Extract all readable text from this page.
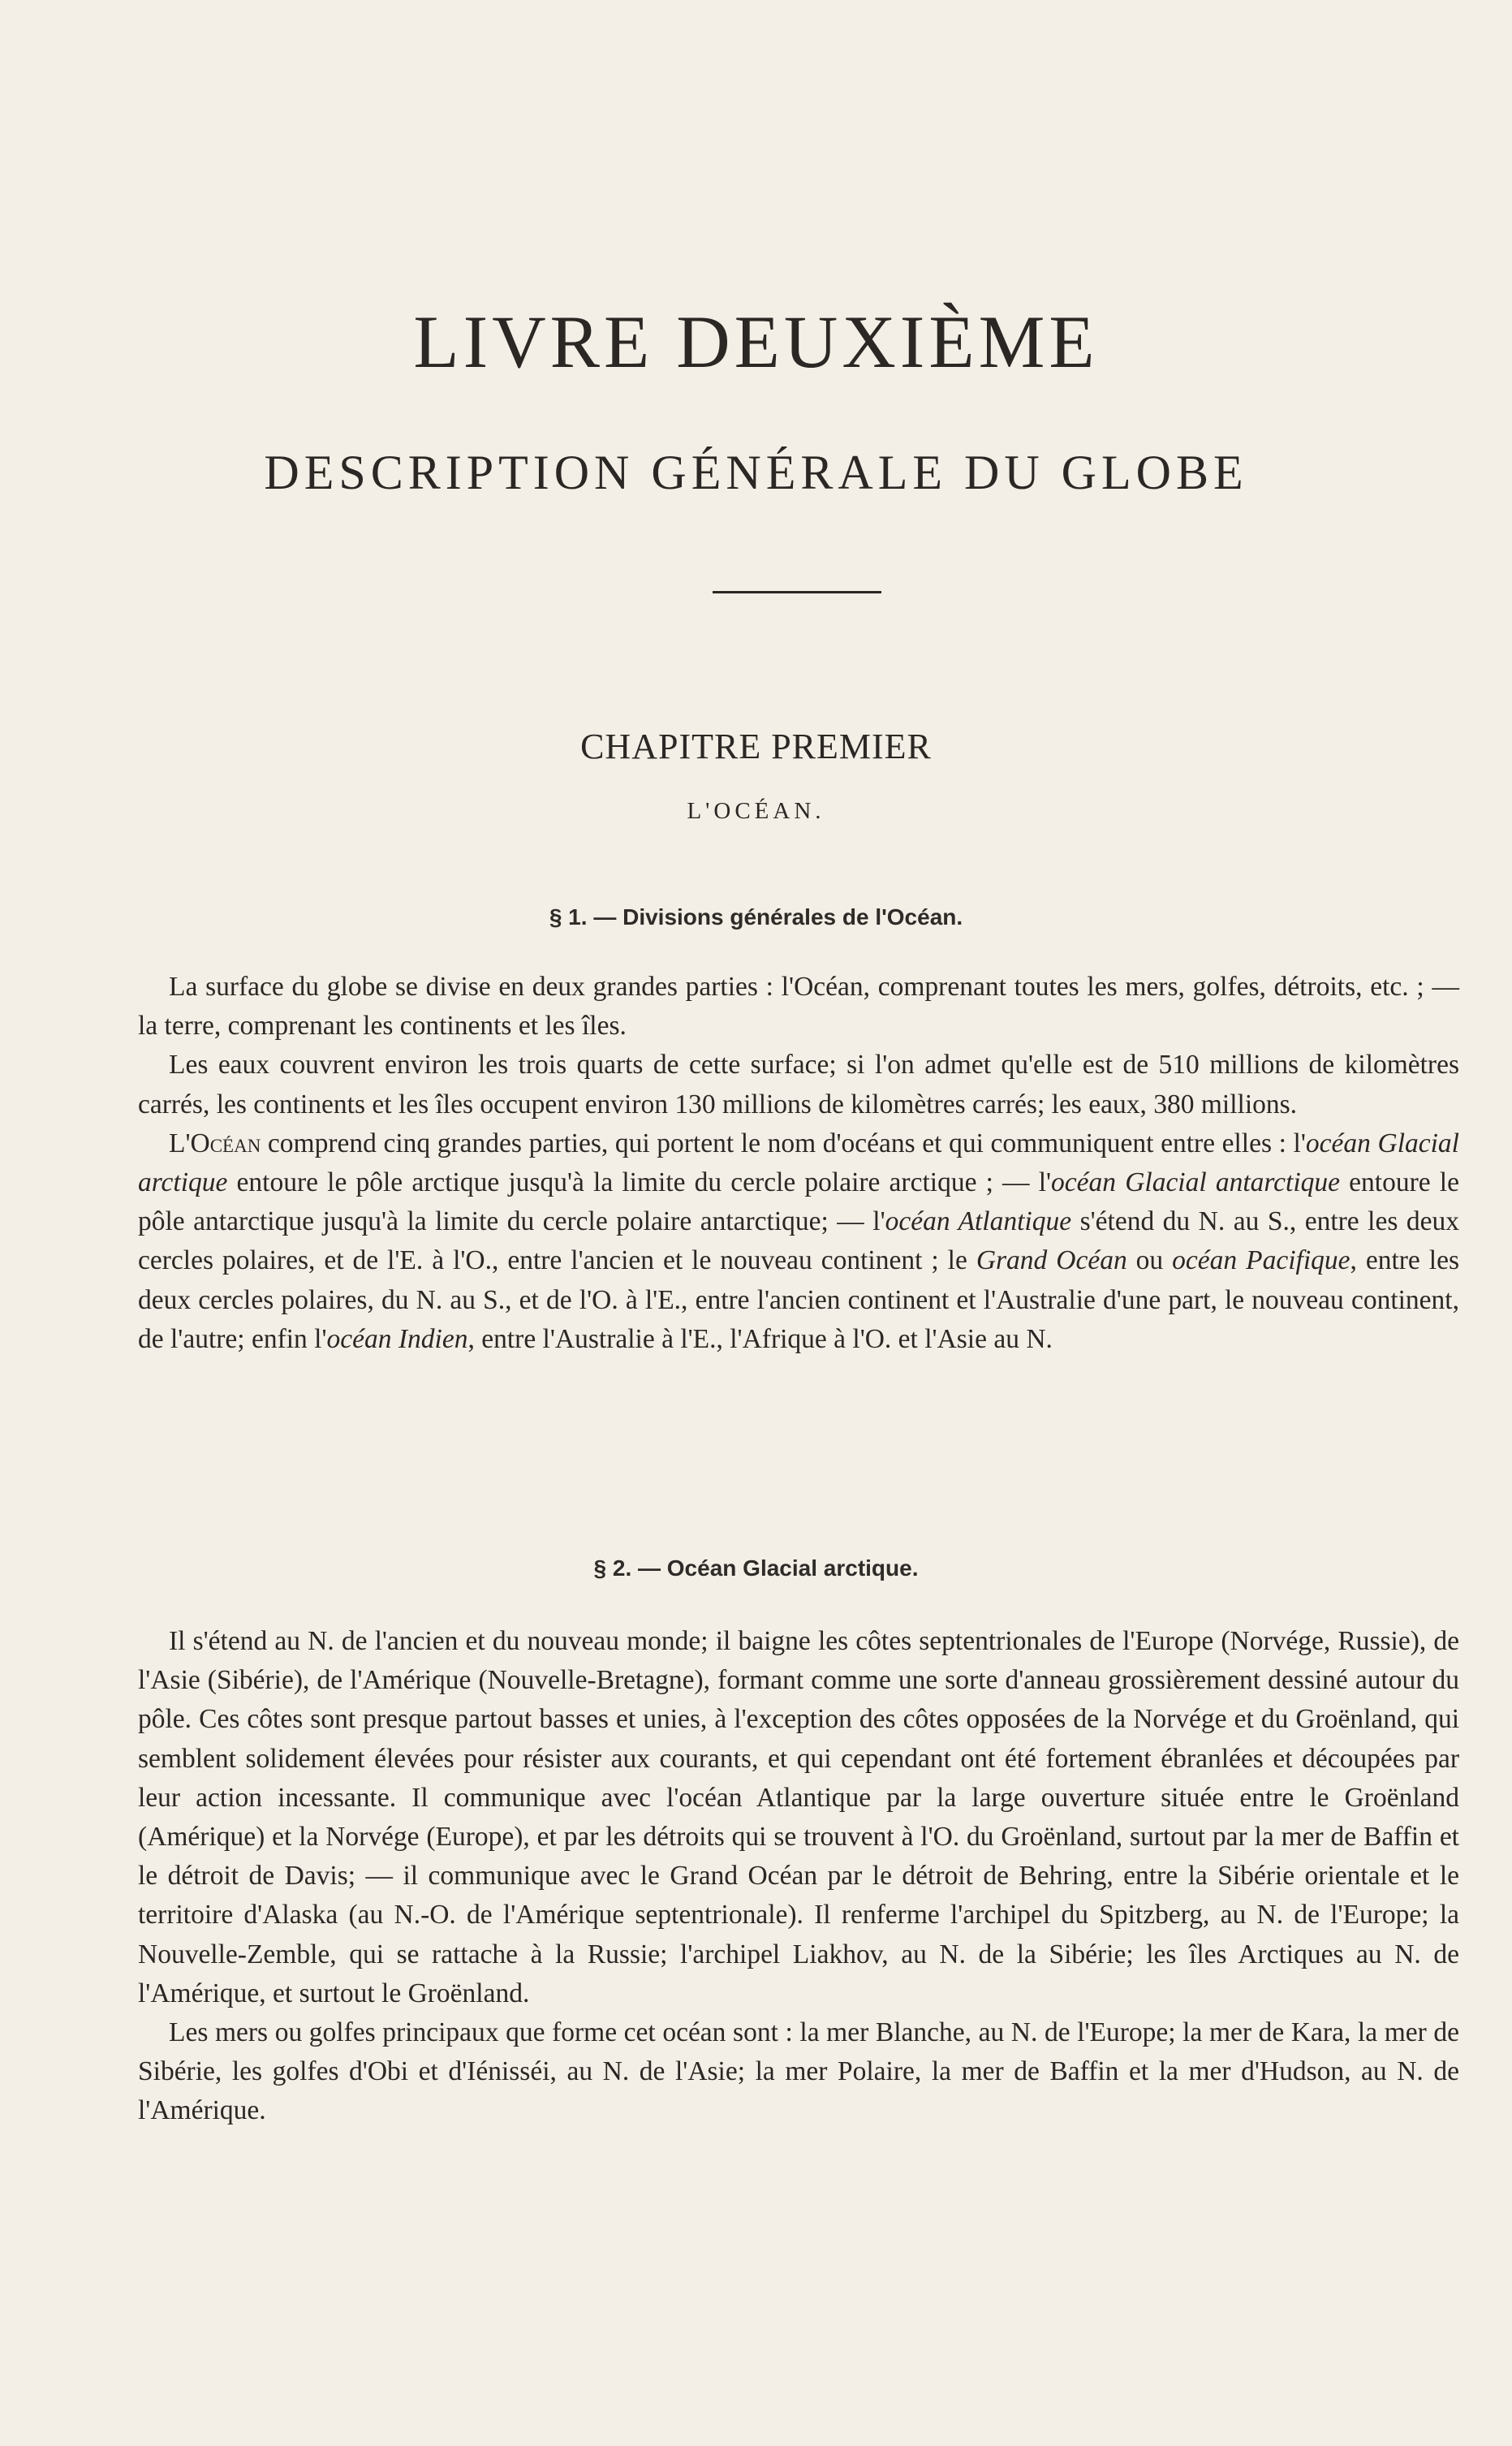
LIVRE DEUXIÈME
DESCRIPTION GÉNÉRALE DU GLOBE
CHAPITRE PREMIER
L'OCÉAN.
§ 1. — Divisions générales de l'Océan.

La surface du globe se divise en deux grandes parties : l'Océan, comprenant toutes les mers, golfes, détroits, etc. ; — la terre, comprenant les continents et les îles.

Les eaux couvrent environ les trois quarts de cette surface; si l'on admet qu'elle est de 510 millions de kilomètres carrés, les continents et les îles occupent environ 130 millions de kilomètres carrés; les eaux, 380 millions.

L'Océan comprend cinq grandes parties, qui portent le nom d'océans et qui communiquent entre elles : l'océan Glacial arctique entoure le pôle arctique jusqu'à la limite du cercle polaire arctique ; — l'océan Glacial antarctique entoure le pôle antarctique jusqu'à la limite du cercle polaire antarctique; — l'océan Atlantique s'étend du N. au S., entre les deux cercles polaires, et de l'E. à l'O., entre l'ancien et le nouveau continent ; le Grand Océan ou océan Pacifique, entre les deux cercles polaires, du N. au S., et de l'O. à l'E., entre l'ancien continent et l'Australie d'une part, le nouveau continent, de l'autre; enfin l'océan Indien, entre l'Australie à l'E., l'Afrique à l'O. et l'Asie au N.

§ 2. — Océan Glacial arctique.

Il s'étend au N. de l'ancien et du nouveau monde; il baigne les côtes septentrionales de l'Europe (Norvége, Russie), de l'Asie (Sibérie), de l'Amérique (Nouvelle-Bretagne), formant comme une sorte d'anneau grossièrement dessiné autour du pôle. Ces côtes sont presque partout basses et unies, à l'exception des côtes opposées de la Norvége et du Groënland, qui semblent solidement élevées pour résister aux courants, et qui cependant ont été fortement ébranlées et découpées par leur action incessante. Il communique avec l'océan Atlantique par la large ouverture située entre le Groënland (Amérique) et la Norvége (Europe), et par les détroits qui se trouvent à l'O. du Groënland, surtout par la mer de Baffin et le détroit de Davis; — il communique avec le Grand Océan par le détroit de Behring, entre la Sibérie orientale et le territoire d'Alaska (au N.-O. de l'Amérique septentrionale). Il renferme l'archipel du Spitzberg, au N. de l'Europe; la Nouvelle-Zemble, qui se rattache à la Russie; l'archipel Liakhov, au N. de la Sibérie; les îles Arctiques au N. de l'Amérique, et surtout le Groënland.

Les mers ou golfes principaux que forme cet océan sont : la mer Blanche, au N. de l'Europe; la mer de Kara, la mer de Sibérie, les golfes d'Obi et d'Iénisséi, au N. de l'Asie; la mer Polaire, la mer de Baffin et la mer d'Hudson, au N. de l'Amérique.
